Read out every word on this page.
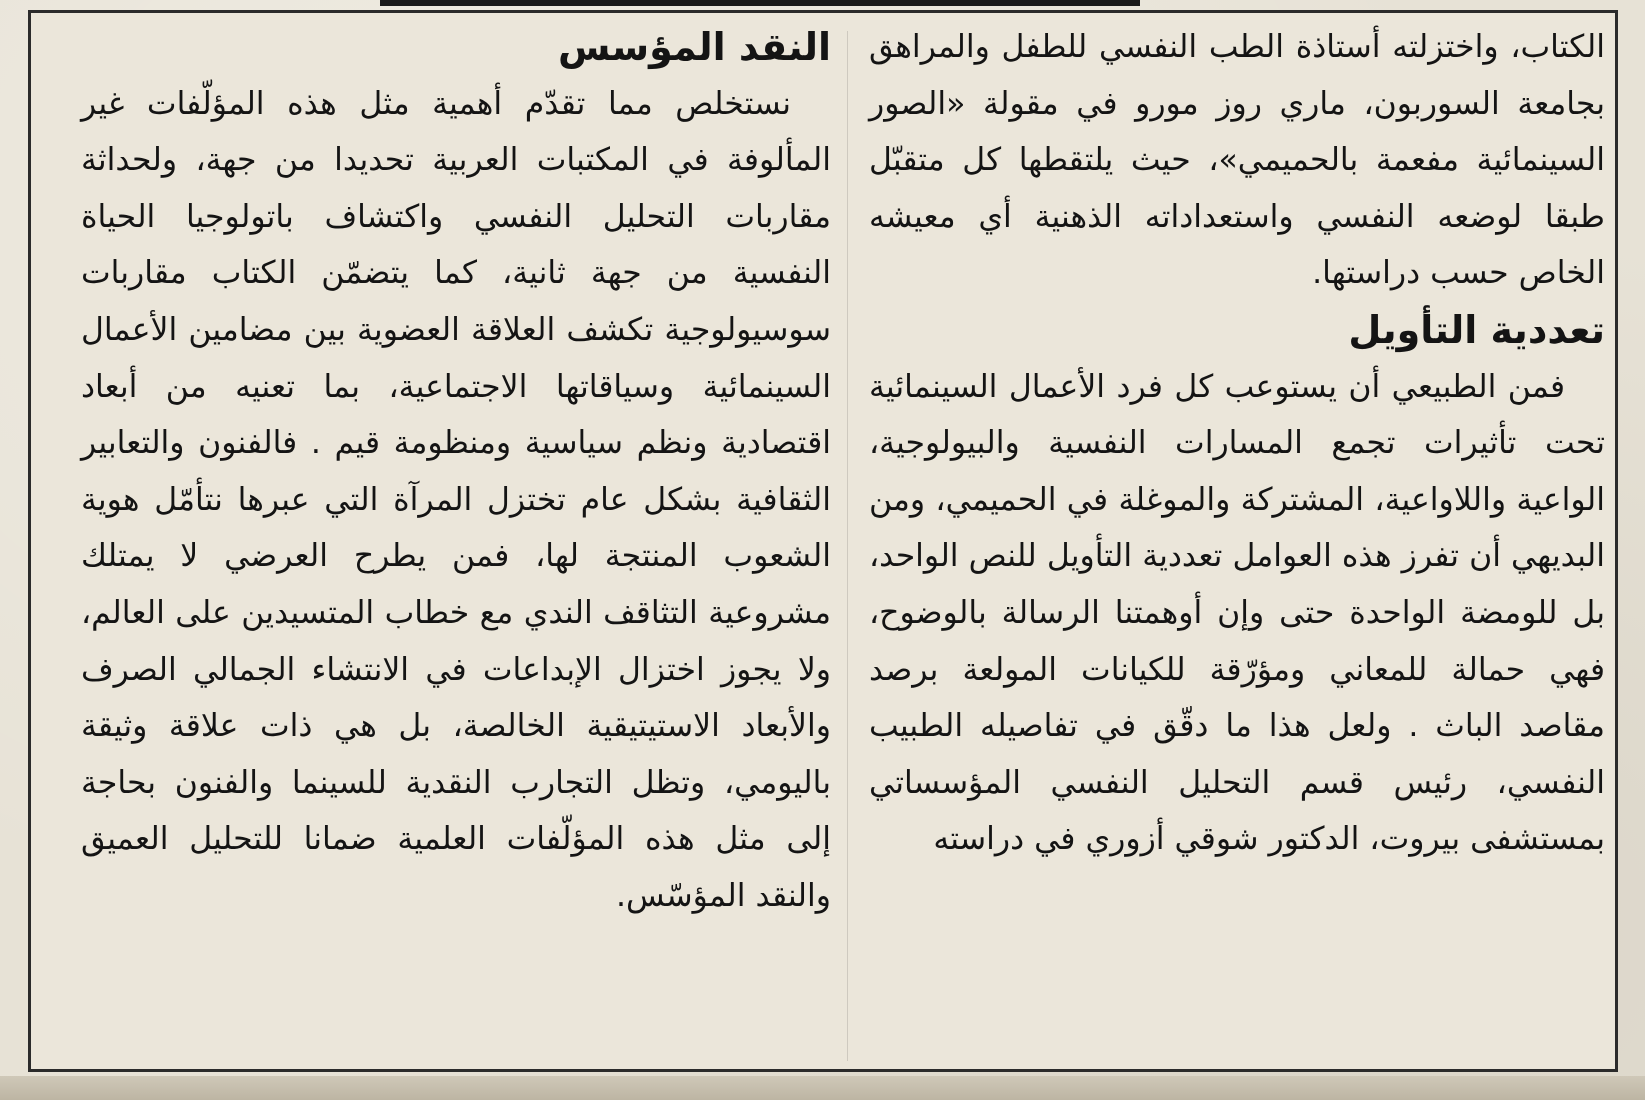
الكتاب، واختزلته أستاذة الطب النفسي للطفل والمراهق بجامعة السوربون، ماري روز مورو في مقولة «الصور السينمائية مفعمة بالحميمي»، حيث يلتقطها كل متقبّل طبقا لوضعه النفسي واستعداداته الذهنية أي معيشه الخاص حسب دراستها.

تعددية التأويل

فمن الطبيعي أن يستوعب كل فرد الأعمال السينمائية تحت تأثيرات تجمع المسارات النفسية والبيولوجية، الواعية واللاواعية، المشتركة والموغلة في الحميمي، ومن البديهي أن تفرز هذه العوامل تعددية التأويل للنص الواحد، بل للومضة الواحدة حتى وإن أوهمتنا الرسالة بالوضوح، فهي حمالة للمعاني ومؤرّقة للكيانات المولعة برصد مقاصد الباث . ولعل هذا ما دقّق في تفاصيله الطبيب النفسي، رئيس قسم التحليل النفسي المؤسساتي بمستشفى بيروت، الدكتور شوقي أزوري في دراسته

النقد المؤسس

نستخلص مما تقدّم أهمية مثل هذه المؤلّفات غير المألوفة في المكتبات العربية تحديدا من جهة، ولحداثة مقاربات التحليل النفسي واكتشاف باتولوجيا الحياة النفسية من جهة ثانية، كما يتضمّن الكتاب مقاربات سوسيولوجية تكشف العلاقة العضوية بين مضامين الأعمال السينمائية وسياقاتها الاجتماعية، بما تعنيه من أبعاد اقتصادية ونظم سياسية ومنظومة قيم . فالفنون والتعابير الثقافية بشكل عام تختزل المرآة التي عبرها نتأمّل هوية الشعوب المنتجة لها، فمن يطرح العرضي لا يمتلك مشروعية التثاقف الندي مع خطاب المتسيدين على العالم، ولا يجوز اختزال الإبداعات في الانتشاء الجمالي الصرف والأبعاد الاستيتيقية الخالصة، بل هي ذات علاقة وثيقة باليومي، وتظل التجارب النقدية للسينما والفنون بحاجة إلى مثل هذه المؤلّفات العلمية ضمانا للتحليل العميق والنقد المؤسّس.
